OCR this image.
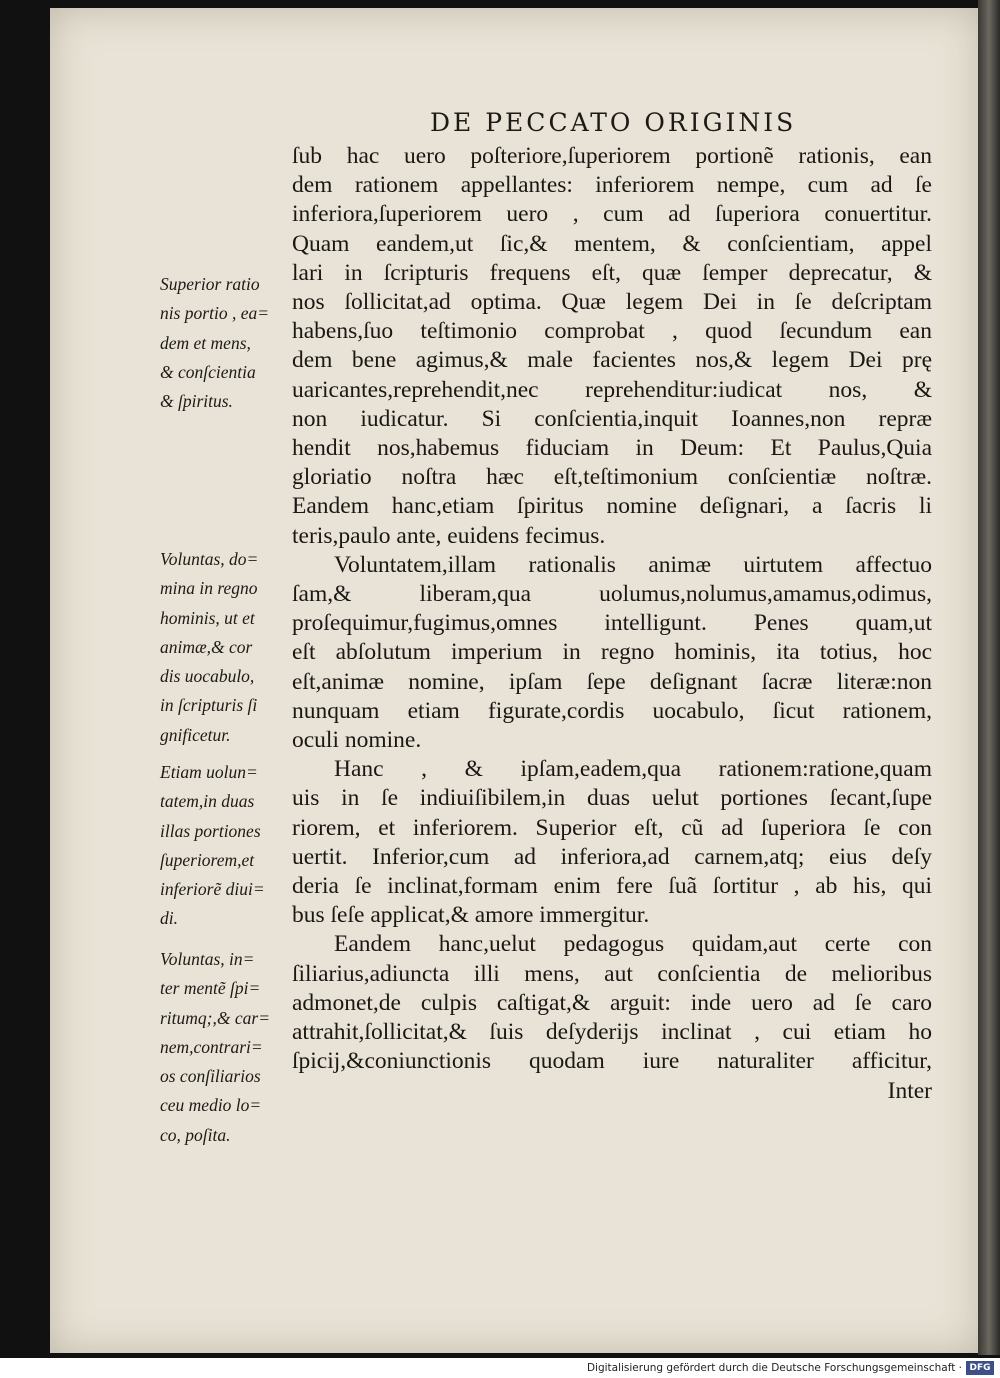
DE PECCATO ORIGINIS
ſub hac uero poſteriore,ſuperiorem portionẽ rationis, ean
dem rationem appellantes: inferiorem nempe, cum ad ſe
inferiora,ſuperiorem uero , cum ad ſuperiora conuertitur.
Quam eandem,ut ſic,& mentem, & conſcientiam, appel
lari in ſcripturis frequens eſt, quæ ſemper deprecatur, &
nos ſollicitat,ad optima. Quæ legem Dei in ſe deſcriptam
habens,ſuo teſtimonio comprobat , quod ſecundum ean
dem bene agimus,& male facientes nos,& legem Dei prę
uaricantes,reprehendit,nec reprehenditur:iudicat nos, &
non iudicatur. Si conſcientia,inquit Ioannes,non repræ
hendit nos,habemus fiduciam in Deum: Et Paulus,Quia
gloriatio noſtra hæc eſt,teſtimonium conſcientiæ noſtræ.
Eandem hanc,etiam ſpiritus nomine deſignari, a ſacris li
teris,paulo ante, euidens fecimus.
Voluntatem,illam rationalis animæ uirtutem affectuo
ſam,& liberam,qua uolumus,nolumus,amamus,odimus,
proſequimur,fugimus,omnes intelligunt. Penes quam,ut
eſt abſolutum imperium in regno hominis, ita totius, hoc
eſt,animæ nomine, ipſam ſepe deſignant ſacræ literæ:non
nunquam etiam figurate,cordis uocabulo, ſicut rationem,
oculi nomine.
Hanc , & ipſam,eadem,qua rationem:ratione,quam
uis in ſe indiuiſibilem,in duas uelut portiones ſecant,ſupe
riorem, et inferiorem. Superior eſt, cũ ad ſuperiora ſe con
uertit. Inferior,cum ad inferiora,ad carnem,atq; eius deſy
deria ſe inclinat,formam enim fere ſuã ſortitur , ab his, qui
bus ſeſe applicat,& amore immergitur.
Eandem hanc,uelut pedagogus quidam,aut certe con
ſiliarius,adiuncta illi mens, aut conſcientia de melioribus
admonet,de culpis caſtigat,& arguit: inde uero ad ſe caro
attrahit,ſollicitat,& ſuis deſyderijs inclinat , cui etiam ho
ſpicij,&coniunctionis quodam iure naturaliter afficitur,
Inter
Superior ratio
nis portio , ea=
dem et mens,
& conſcientia
& ſpiritus.
Voluntas, do=
mina in regno
hominis, ut et
animæ,& cor
dis uocabulo,
in ſcripturis ſi
gnificetur.
Etiam uolun=
tatem,in duas
illas portiones
ſuperiorem,et
inferiorẽ diui=
di.
Voluntas, in=
ter mentẽ ſpi=
ritumq;,& car=
nem,contrari=
os conſiliarios
ceu medio lo=
co, poſita.
Digitalisierung gefördert durch die Deutsche Forschungsgemeinschaft · DFG
